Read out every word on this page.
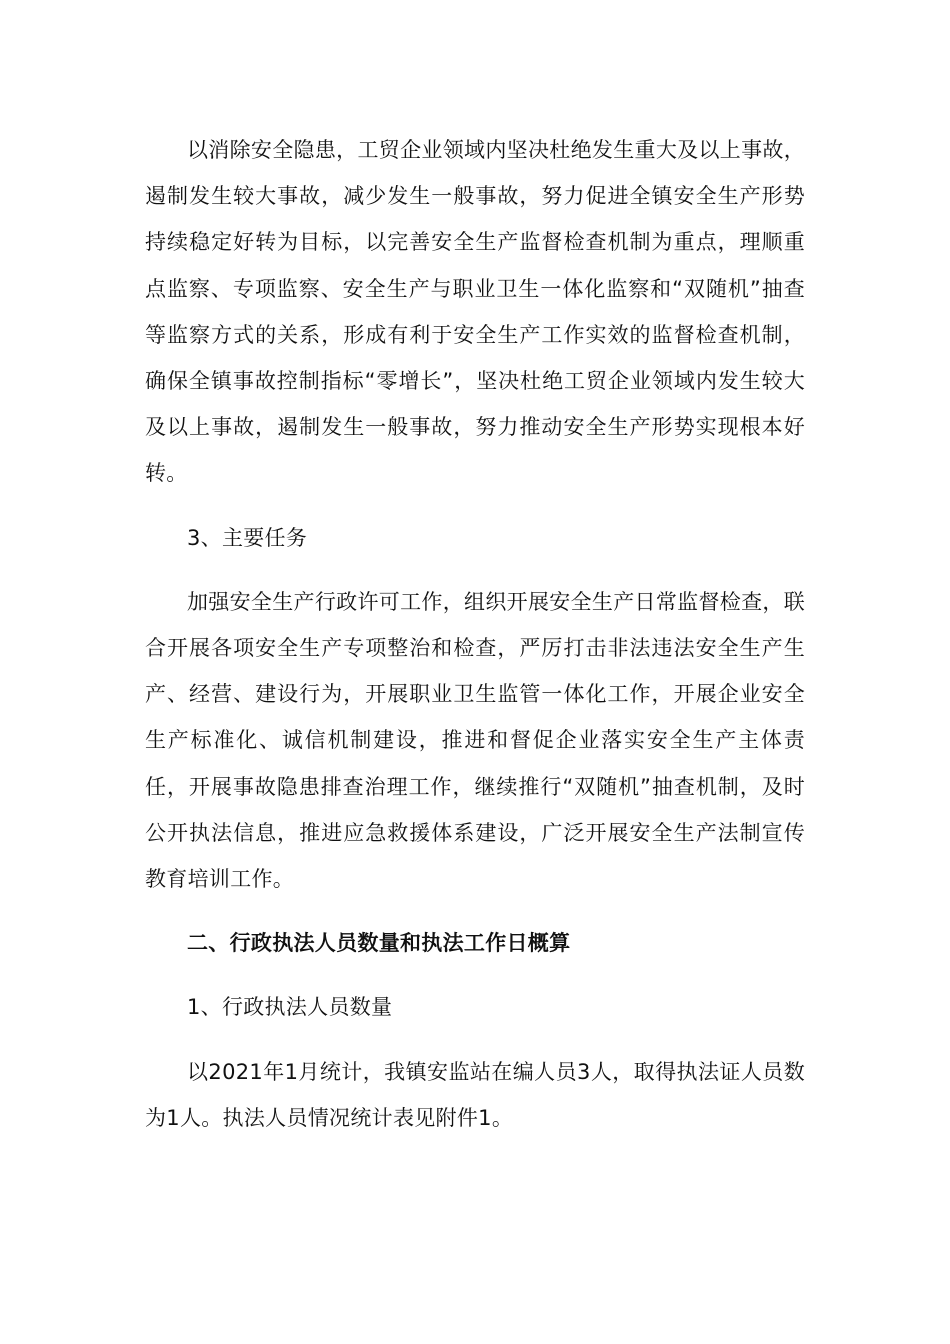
以消除安全隐患，工贸企业领域内坚决杜绝发生重大及以上事故，遏制发生较大事故，减少发生一般事故，努力促进全镇安全生产形势持续稳定好转为目标，以完善安全生产监督检查机制为重点，理顺重点监察、专项监察、安全生产与职业卫生一体化监察和“双随机”抽查等监察方式的关系，形成有利于安全生产工作实效的监督检查机制，确保全镇事故控制指标“零增长”，坚决杜绝工贸企业领域内发生较大及以上事故，遏制发生一般事故，努力推动安全生产形势实现根本好转。

3、主要任务

加强安全生产行政许可工作，组织开展安全生产日常监督检查，联合开展各项安全生产专项整治和检查，严厉打击非法违法安全生产生产、经营、建设行为，开展职业卫生监管一体化工作，开展企业安全生产标准化、诚信机制建设，推进和督促企业落实安全生产主体责任，开展事故隐患排查治理工作，继续推行“双随机”抽查机制，及时公开执法信息，推进应急救援体系建设，广泛开展安全生产法制宣传教育培训工作。

二、行政执法人员数量和执法工作日概算

1、行政执法人员数量

以2021年1月统计，我镇安监站在编人员3人，取得执法证人员数为1人。执法人员情况统计表见附件1。
